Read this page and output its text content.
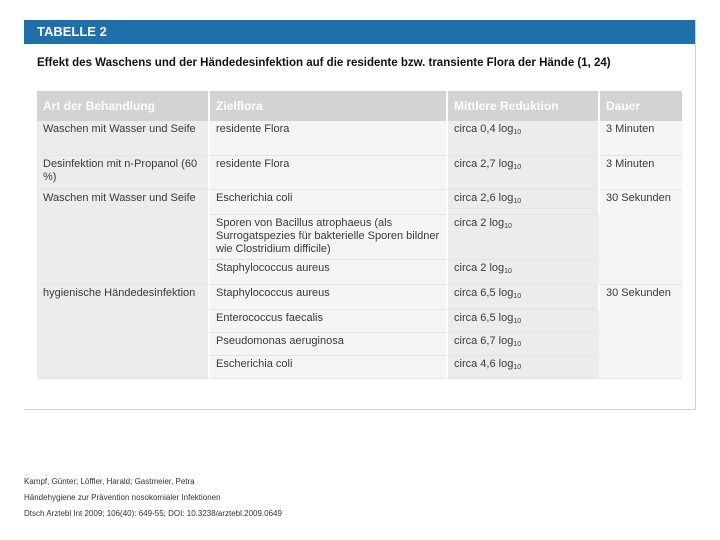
TABELLE 2
Effekt des Waschens und der Händedesinfektion auf die residente bzw. transiente Flora der Hände (1, 24)
Art der Behandlung	Zielflora	Mittlere Reduktion	Dauer
Waschen mit Wasser und Seife	residente Flora	circa 0,4 $\log_{10}$	3 Minuten
Desinfektion mit n-Propanol (60 %)	residente Flora	circa 2,7 $\log_{10}$	3 Minuten
Waschen mit Wasser und Seife	Escherichia coli	circa 2,6 $\log_{10}$	30 Sekunden
	Sporen von Bacillus atrophaeus (als Surrogatspezies für bakterielle Sporen bildner wie Clostridium difficile)	circa 2 $\log_{10}$
	Staphylococcus aureus	circa 2 $\log_{10}$
hygienische Händedesinfektion	Staphylococcus aureus	circa 6,5 $\log_{10}$	30 Sekunden
	Enterococcus faecalis	circa 6,5 $\log_{10}$
	Pseudomonas aeruginosa	circa 6,7 $\log_{10}$
	Escherichia coli	circa 4,6 $\log_{10}$
Kampf, Günter; Löffler, Harald; Gastmeier, Petra
Händehygiene zur Prävention nosokomialer Infektionen
Dtsch Arztebl Int 2009; 106(40): 649-55; DOI: 10.3238/arztebl.2009.0649
